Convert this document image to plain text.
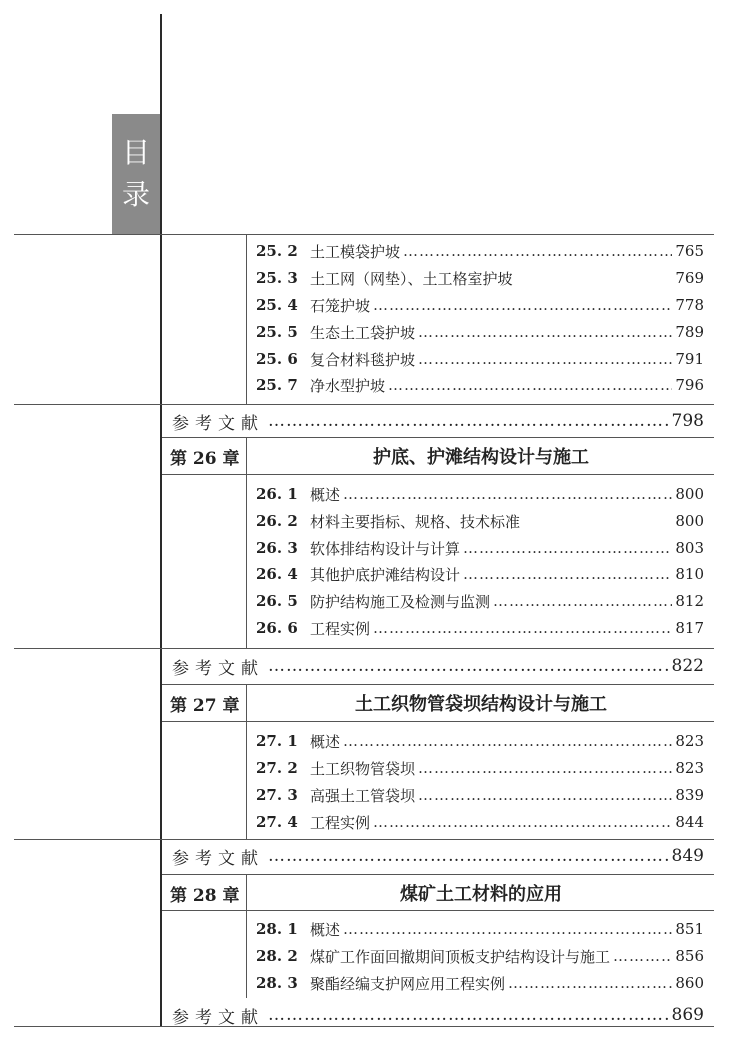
目
录
25. 2 土工模袋护坡 …………………………………………………………………………………………………………………………………………………………	765
25. 3 土工网（网垫）、土工格室护坡	769
25. 4 石笼护坡 …………………………………………………………………………………………………………………………………………………………	778
25. 5 生态土工袋护坡 …………………………………………………………………………………………………………………………………………………………	789
25. 6 复合材料毯护坡 …………………………………………………………………………………………………………………………………………………………	791
25. 7 净水型护坡 …………………………………………………………………………………………………………………………………………………………	796
参考文献 …………………………………………………………………………………………………………………………………………………………	798
第 26 章	护底、护滩结构设计与施工
26. 1 概述 …………………………………………………………………………………………………………………………………………………………	800
26. 2 材料主要指标、规格、技术标准	800
26. 3 软体排结构设计与计算 …………………………………………………………………………………………………………………………………………………………	803
26. 4 其他护底护滩结构设计 …………………………………………………………………………………………………………………………………………………………	810
26. 5 防护结构施工及检测与监测 …………………………………………………………………………………………………………………………………………………………	812
26. 6 工程实例 …………………………………………………………………………………………………………………………………………………………	817
参考文献 …………………………………………………………………………………………………………………………………………………………	822
第 27 章	土工织物管袋坝结构设计与施工
27. 1 概述 …………………………………………………………………………………………………………………………………………………………	823
27. 2 土工织物管袋坝 …………………………………………………………………………………………………………………………………………………………	823
27. 3 高强土工管袋坝 …………………………………………………………………………………………………………………………………………………………	839
27. 4 工程实例 …………………………………………………………………………………………………………………………………………………………	844
参考文献 …………………………………………………………………………………………………………………………………………………………	849
第 28 章	煤矿土工材料的应用
28. 1 概述 …………………………………………………………………………………………………………………………………………………………	851
28. 2 煤矿工作面回撤期间顶板支护结构设计与施工 …………………………………………………………………………………………………………………………………………………………	856
28. 3 聚酯经编支护网应用工程实例 …………………………………………………………………………………………………………………………………………………………	860
参考文献 …………………………………………………………………………………………………………………………………………………………	869
